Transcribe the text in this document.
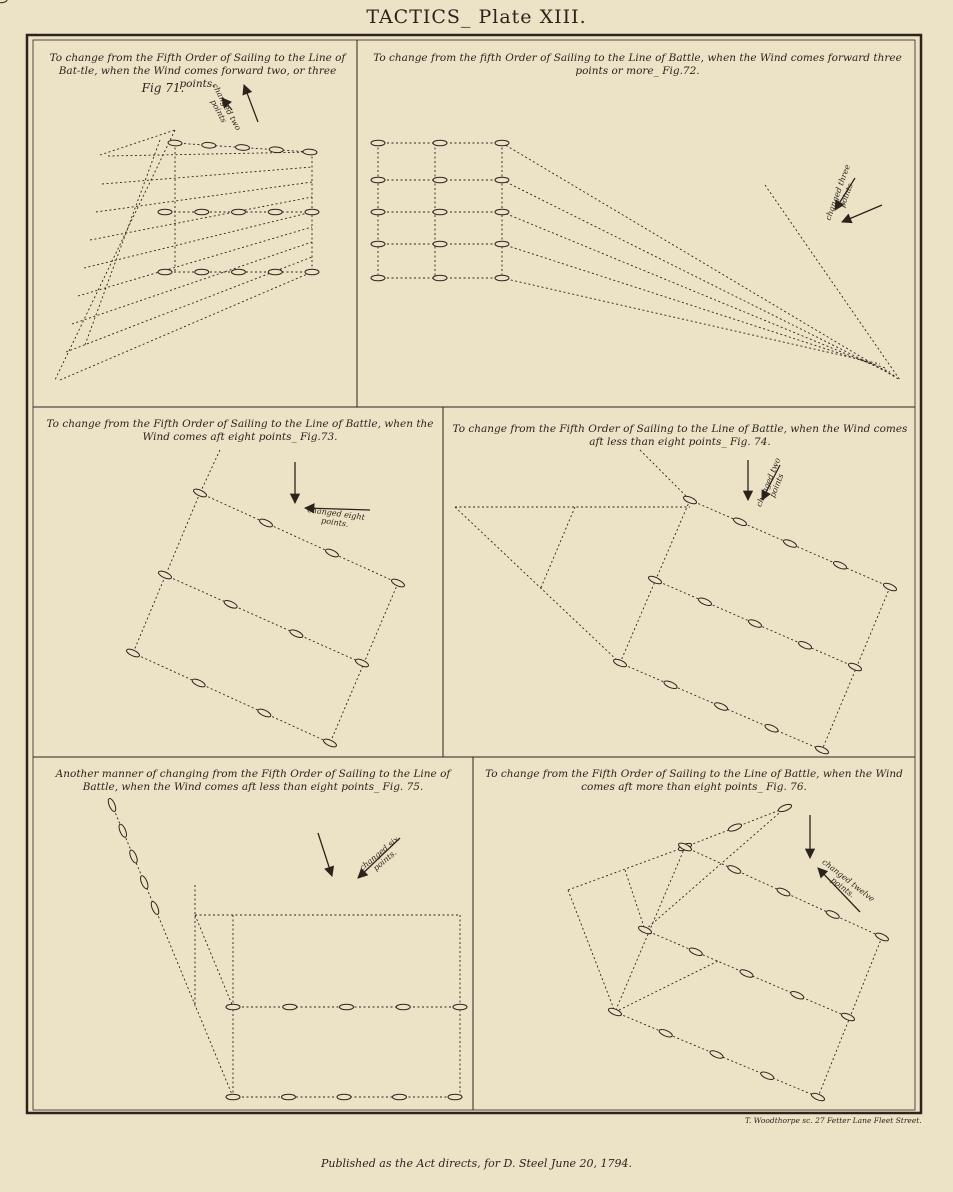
TACTICS_ Plate XIII.
To change from the Fifth Order of Sailing to the Line of Bat-tle, when the Wind comes forward two, or three points.
Fig 71.
To change from the fifth Order of Sailing to the Line of Battle, when the Wind comes forward three points or more_ Fig.72.
To change from the Fifth Order of Sailing to the Line of Battle, when the Wind comes aft eight points_ Fig.73.
To change from the Fifth Order of Sailing to the Line of Battle, when the Wind comes aft less than eight points_ Fig. 74.
Another manner of changing from the Fifth Order of Sailing to the Line of Battle, when the Wind comes aft less than eight points_ Fig. 75.
To change from the Fifth Order of Sailing to the Line of Battle, when the Wind comes aft more than eight points_ Fig. 76.
changed two points
changed three points
changed eight points.
changed two points
changed six points.	changed twelve points.
T. Woodthorpe sc. 27 Fetter Lane Fleet Street.
Published as the Act directs, for D. Steel June 20, 1794.
